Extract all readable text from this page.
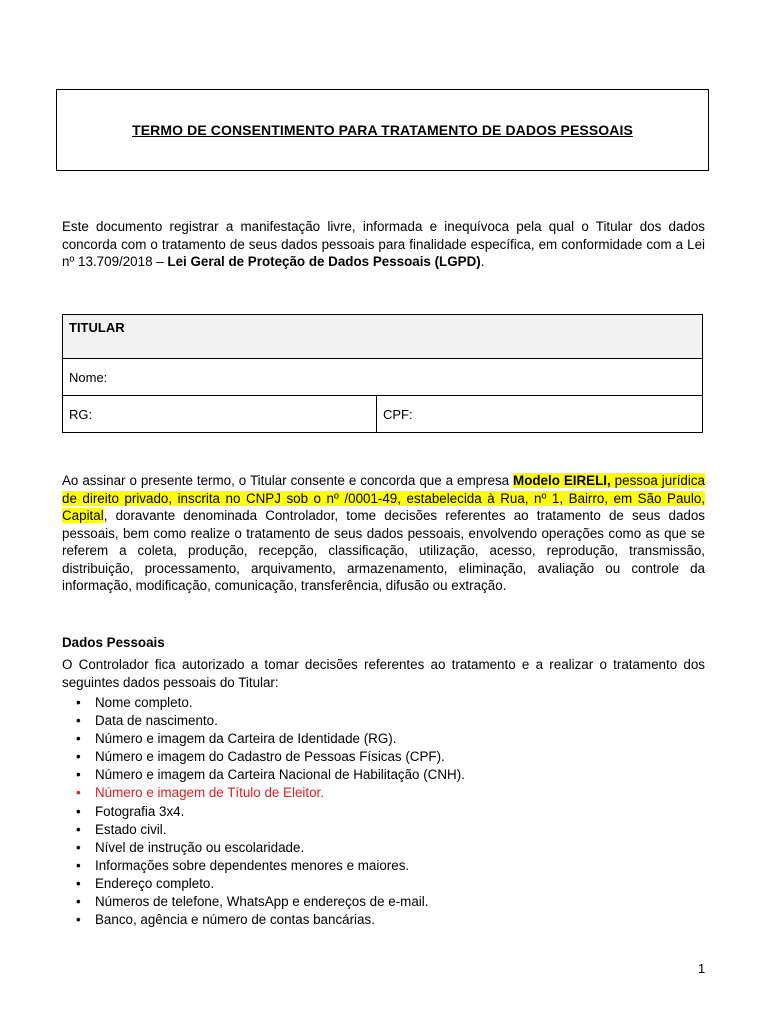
TERMO DE CONSENTIMENTO PARA TRATAMENTO DE DADOS PESSOAIS

Este documento registrar a manifestação livre, informada e inequívoca pela qual o Titular dos dados concorda com o tratamento de seus dados pessoais para finalidade específica, em conformidade com a Lei nº 13.709/2018 – Lei Geral de Proteção de Dados Pessoais (LGPD).

TITULAR
Nome:
RG:	CPF:

Ao assinar o presente termo, o Titular consente e concorda que a empresa Modelo EIRELI, pessoa jurídica de direito privado, inscrita no CNPJ sob o nº /0001-49, estabelecida à Rua, nº 1, Bairro, em São Paulo, Capital, doravante denominada Controlador, tome decisões referentes ao tratamento de seus dados pessoais, bem como realize o tratamento de seus dados pessoais, envolvendo operações como as que se referem a coleta, produção, recepção, classificação, utilização, acesso, reprodução, transmissão, distribuição, processamento, arquivamento, armazenamento, eliminação, avaliação ou controle da informação, modificação, comunicação, transferência, difusão ou extração.

Dados Pessoais

O Controlador fica autorizado a tomar decisões referentes ao tratamento e a realizar o tratamento dos seguintes dados pessoais do Titular:

• Nome completo.
• Data de nascimento.
• Número e imagem da Carteira de Identidade (RG).
• Número e imagem do Cadastro de Pessoas Físicas (CPF).
• Número e imagem da Carteira Nacional de Habilitação (CNH).
• Número e imagem de Título de Eleitor.
• Fotografia 3x4.
• Estado civil.
• Nível de instrução ou escolaridade.
• Informações sobre dependentes menores e maiores.
• Endereço completo.
• Números de telefone, WhatsApp e endereços de e-mail.
• Banco, agência e número de contas bancárias.
1
